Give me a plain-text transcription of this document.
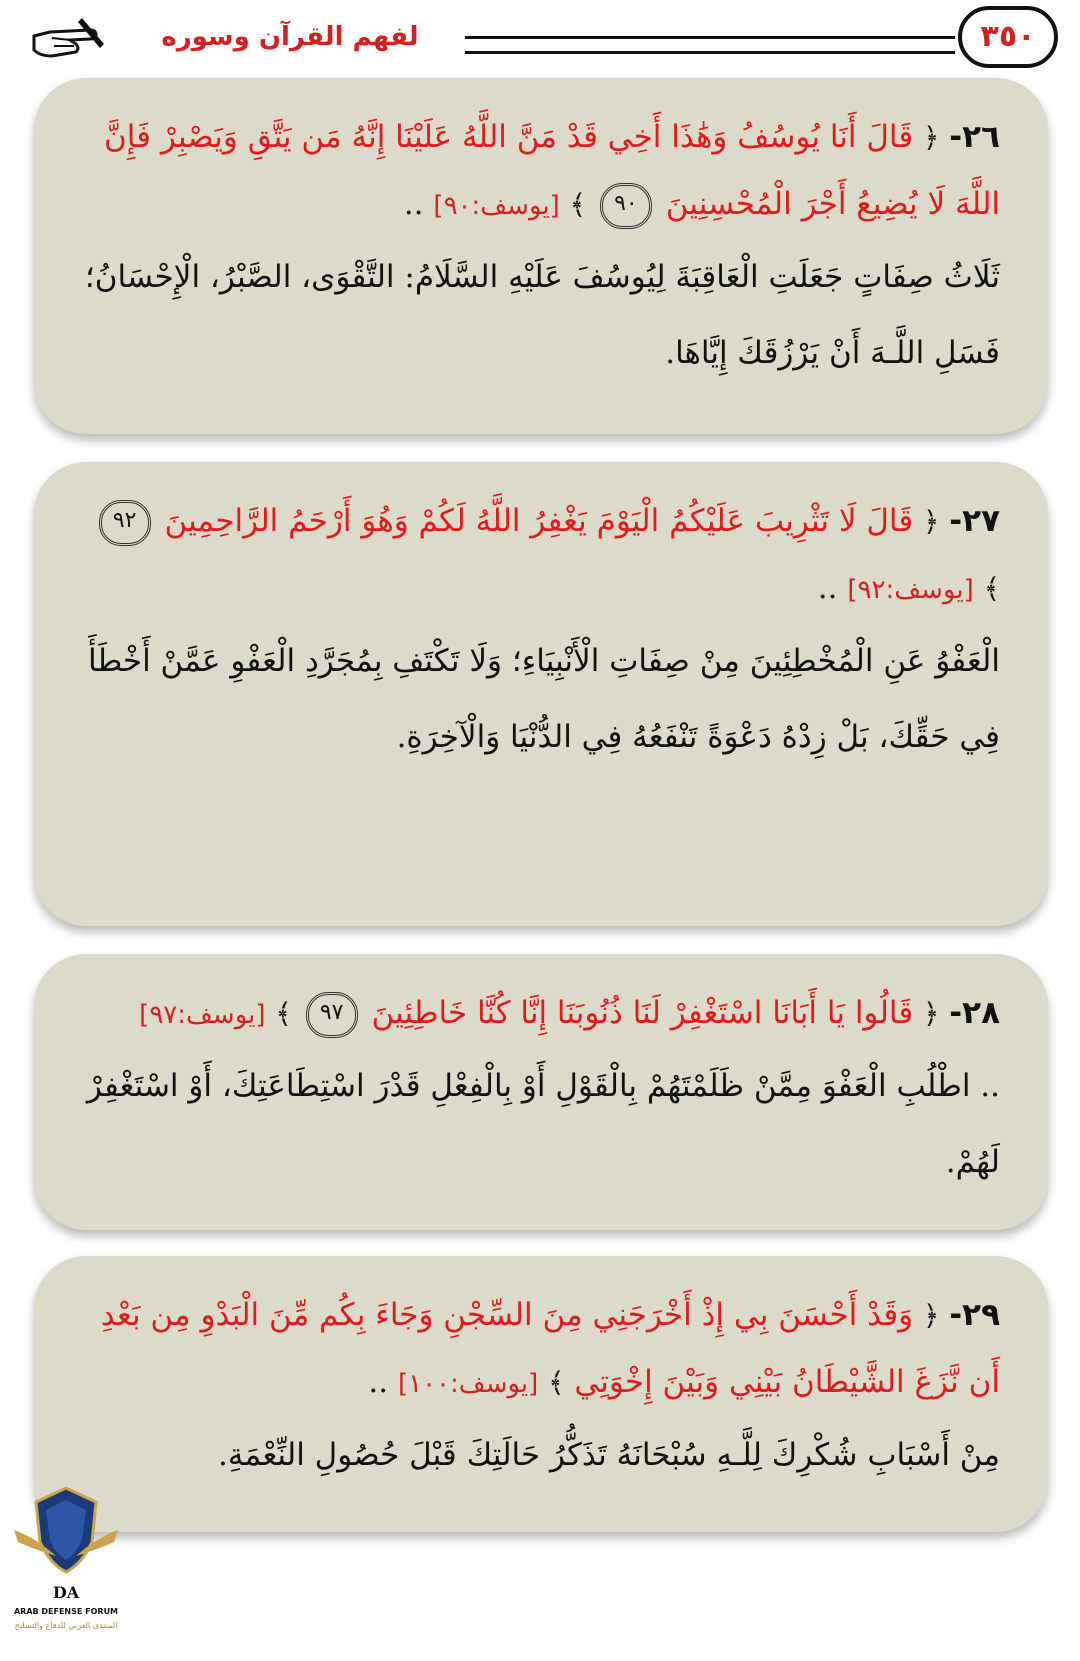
لفهم القرآن وسوره	٣٥٠

٢٦- ﴿ قَالَ أَنَا يُوسُفُ وَهَٰذَا أَخِي قَدْ مَنَّ اللَّهُ عَلَيْنَا إِنَّهُ مَن يَتَّقِ وَيَصْبِرْ فَإِنَّ اللَّهَ لَا يُضِيعُ أَجْرَ الْمُحْسِنِينَ ٩٠ ﴾ [يوسف:٩٠] ..

ثَلَاثُ صِفَاتٍ جَعَلَتِ الْعَاقِبَةَ لِيُوسُفَ عَلَيْهِ السَّلَامُ: التَّقْوَى، الصَّبْرُ، الْإِحْسَانُ؛ فَسَلِ اللَّـهَ أَنْ يَرْزُقَكَ إِيَّاهَا.

٢٧- ﴿ قَالَ لَا تَثْرِيبَ عَلَيْكُمُ الْيَوْمَ يَغْفِرُ اللَّهُ لَكُمْ وَهُوَ أَرْحَمُ الرَّاحِمِينَ ٩٢ ﴾ [يوسف:٩٢] ..

الْعَفْوُ عَنِ الْمُخْطِئِينَ مِنْ صِفَاتِ الْأَنْبِيَاءِ؛ وَلَا تَكْتَفِ بِمُجَرَّدِ الْعَفْوِ عَمَّنْ أَخْطَأَ فِي حَقِّكَ، بَلْ زِدْهُ دَعْوَةً تَنْفَعُهُ فِي الدُّنْيَا وَالْآخِرَةِ.

٢٨- ﴿ قَالُوا يَا أَبَانَا اسْتَغْفِرْ لَنَا ذُنُوبَنَا إِنَّا كُنَّا خَاطِئِينَ ٩٧ ﴾ [يوسف:٩٧]

.. اطْلُبِ الْعَفْوَ مِمَّنْ ظَلَمْتَهُمْ بِالْقَوْلِ أَوْ بِالْفِعْلِ قَدْرَ اسْتِطَاعَتِكَ، أَوْ اسْتَغْفِرْ لَهُمْ.

٢٩- ﴿ وَقَدْ أَحْسَنَ بِي إِذْ أَخْرَجَنِي مِنَ السِّجْنِ وَجَاءَ بِكُم مِّنَ الْبَدْوِ مِن بَعْدِ أَن نَّزَغَ الشَّيْطَانُ بَيْنِي وَبَيْنَ إِخْوَتِي ﴾ [يوسف:١٠٠] ..

مِنْ أَسْبَابِ شُكْرِكَ لِلَّـهِ سُبْحَانَهُ تَذَكُّرُ حَالَتِكَ قَبْلَ حُصُولِ النِّعْمَةِ.

DA
ARAB DEFENSE FORUM
المنتدى العربي للدفاع والتسليح
